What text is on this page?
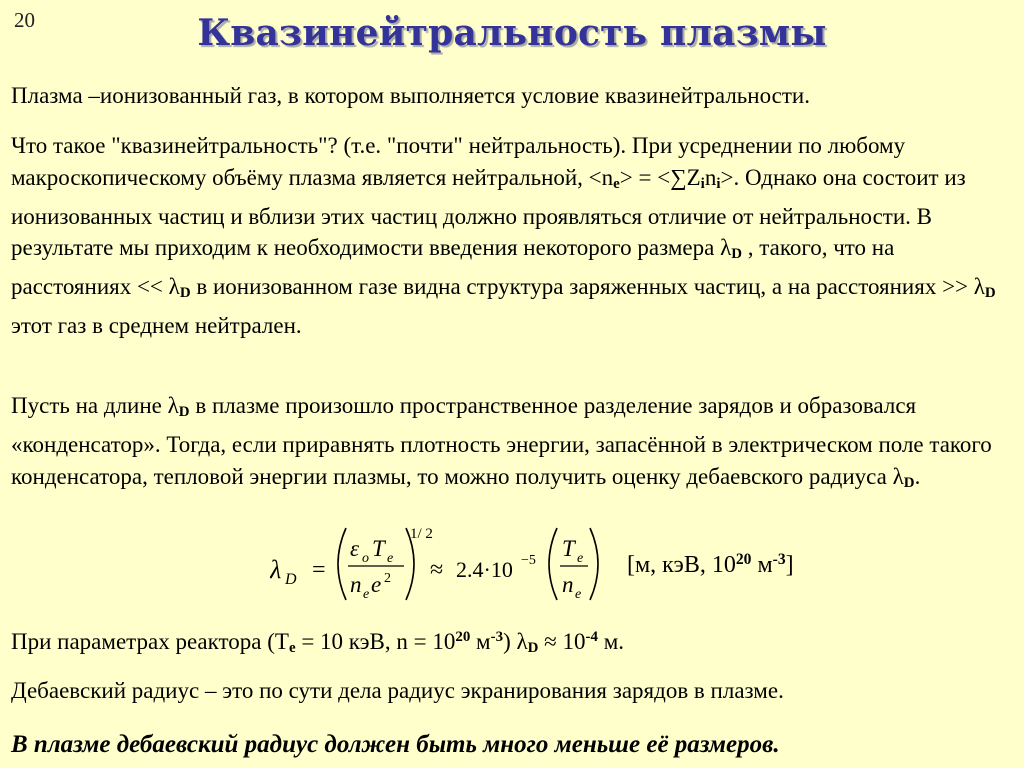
20	Квазинейтральность плазмы

Плазма –ионизованный газ, в котором выполняется условие квазинейтральности.

Что такое "квазинейтральность"? (т.е. "почти" нейтральность). При усреднении по любому макроскопическому объёму плазма является нейтральной, $<n_e> = <\sum Z_in_i>$. Однако она состоит из ионизованных частиц и вблизи этих частиц должно проявляться отличие от нейтральности. В результате мы приходим к необходимости введения некоторого размера $\lambda_D$ , такого, что на расстояниях << $\lambda_D$ в ионизованном газе видна структура заряженных частиц, а на расстояниях >> $\lambda_D$ этот газ в среднем нейтрален.

Пусть на длине $\lambda_D$ в плазме произошло пространственное разделение зарядов и образовался «конденсатор». Тогда, если приравнять плотность энергии, запасённой в электрическом поле такого конденсатора, тепловой энергии плазмы, то можно получить оценку дебаевского радиуса $\lambda_D$.

λ D =
ε o T e
n e e 2
1/ 2
≈ 2.4·10 −5 T e
n e
[м, кэВ, $10^{20}$ $м^{-3}$]

При параметрах реактора ($T_e = 10$ кэВ, $n = 10^{20}$ $м^{-3}$) $\lambda_D \approx 10^{-4}$ м.

Дебаевский радиус – это по сути дела радиус экранирования зарядов в плазме.

В плазме дебаевский радиус должен быть много меньше её размеров.
